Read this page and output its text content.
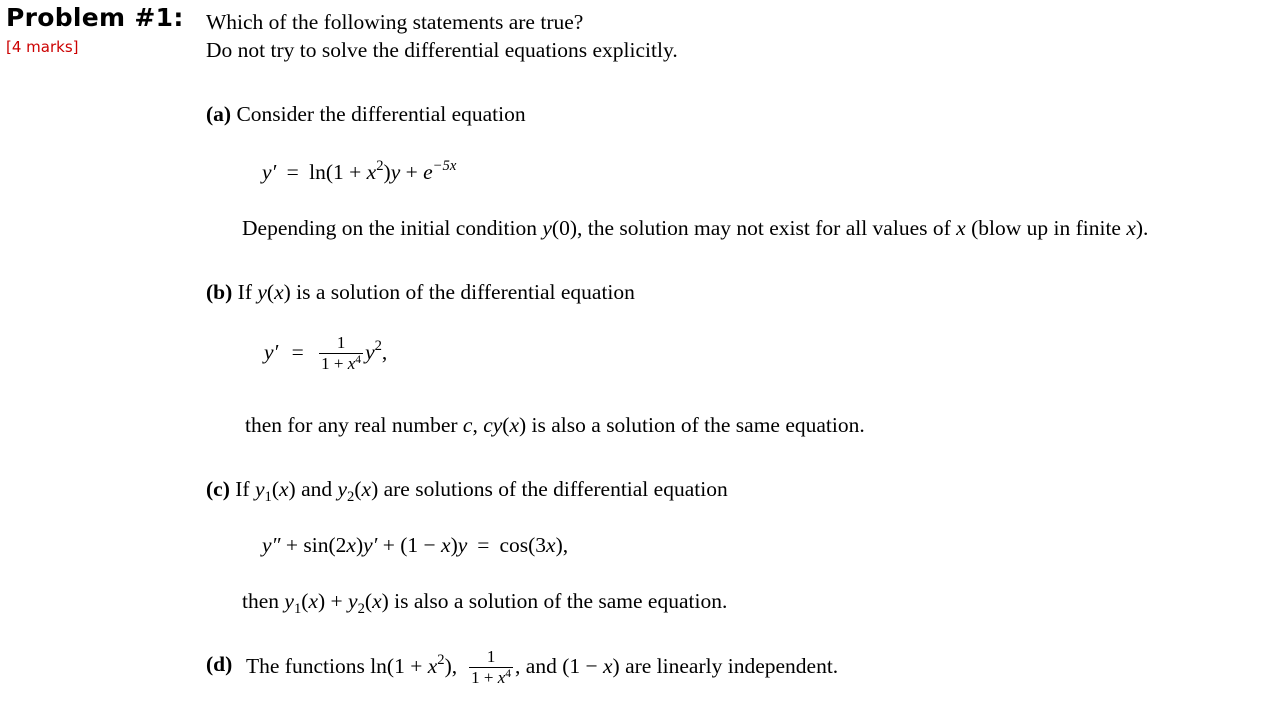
Problem #1:
[4 marks]
Which of the following statements are true?
Do not try to solve the differential equations explicitly.
(a) Consider the differential equation
$y' = \ln(1 + x^2)y + e^{-5x}$
Depending on the initial condition y(0), the solution may not exist for all values of x (blow up in finite x).
(b) If y(x) is a solution of the differential equation
$y' = \frac{1}{1 + x^4} y^2$,
then for any real number c, cy(x) is also a solution of the same equation.
(c) If $y_1(x)$ and $y_2(x)$ are solutions of the differential equation
y″ + sin(2x)y′ + (1 − x)y = cos(3x),
then $y_1(x) + y_2(x)$ is also a solution of the same equation.
(d) The functions $\ln(1 + x^2)$, $\frac{1}{1 + x^4}$ , and (1 − x) are linearly independent.
